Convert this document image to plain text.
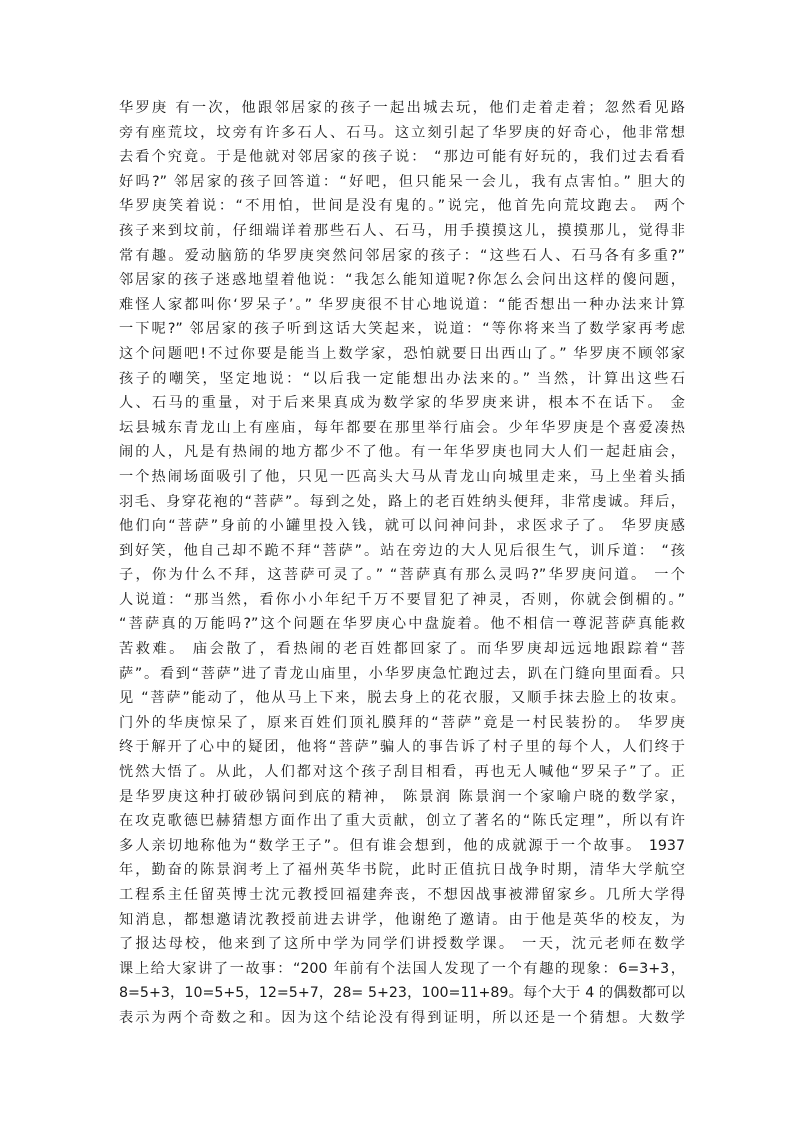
华罗庚 有一次，他跟邻居家的孩子一起出城去玩，他们走着走着；忽然看见路
旁有座荒坟，坟旁有许多石人、石马。这立刻引起了华罗庚的好奇心，他非常想
去看个究竟。于是他就对邻居家的孩子说： “那边可能有好玩的，我们过去看看
好吗?” 邻居家的孩子回答道：“好吧，但只能呆一会儿，我有点害怕。” 胆大的
华罗庚笑着说：“不用怕，世间是没有鬼的。”说完，他首先向荒坟跑去。 两个
孩子来到坟前，仔细端详着那些石人、石马，用手摸摸这儿，摸摸那儿，觉得非
常有趣。爱动脑筋的华罗庚突然问邻居家的孩子：“这些石人、石马各有多重?”
邻居家的孩子迷惑地望着他说：“我怎么能知道呢?你怎么会问出这样的傻问题，
难怪人家都叫你‘罗呆子’。” 华罗庚很不甘心地说道：“能否想出一种办法来计算
一下呢?” 邻居家的孩子听到这话大笑起来，说道：“等你将来当了数学家再考虑
这个问题吧!不过你要是能当上数学家，恐怕就要日出西山了。” 华罗庚不顾邻家
孩子的嘲笑，坚定地说：“以后我一定能想出办法来的。” 当然，计算出这些石
人、石马的重量，对于后来果真成为数学家的华罗庚来讲，根本不在话下。 金
坛县城东青龙山上有座庙，每年都要在那里举行庙会。少年华罗庚是个喜爱凑热
闹的人，凡是有热闹的地方都少不了他。有一年华罗庚也同大人们一起赶庙会，
一个热闹场面吸引了他，只见一匹高头大马从青龙山向城里走来，马上坐着头插
羽毛、身穿花袍的“菩萨”。每到之处，路上的老百姓纳头便拜，非常虔诚。拜后，
他们向“菩萨”身前的小罐里投入钱，就可以问神问卦，求医求子了。 华罗庚感
到好笑，他自己却不跪不拜“菩萨”。站在旁边的大人见后很生气，训斥道： “孩
子，你为什么不拜，这菩萨可灵了。” “菩萨真有那么灵吗?”华罗庚问道。 一个
人说道：“那当然，看你小小年纪千万不要冒犯了神灵，否则，你就会倒楣的。”
“菩萨真的万能吗?”这个问题在华罗庚心中盘旋着。他不相信一尊泥菩萨真能救
苦救难。 庙会散了，看热闹的老百姓都回家了。而华罗庚却远远地跟踪着“菩
萨”。看到“菩萨”进了青龙山庙里，小华罗庚急忙跑过去，趴在门缝向里面看。只
见 “菩萨”能动了，他从马上下来，脱去身上的花衣服，又顺手抹去脸上的妆束。
门外的华庚惊呆了，原来百姓们顶礼膜拜的“菩萨”竟是一村民装扮的。 华罗庚
终于解开了心中的疑团，他将“菩萨”骗人的事告诉了村子里的每个人，人们终于
恍然大悟了。从此，人们都对这个孩子刮目相看，再也无人喊他“罗呆子”了。正
是华罗庚这种打破砂锅问到底的精神， 陈景润 陈景润一个家喻户晓的数学家，
在攻克歌德巴赫猜想方面作出了重大贡献，创立了著名的“陈氏定理”，所以有许
多人亲切地称他为“数学王子”。但有谁会想到，他的成就源于一个故事。 1937
年，勤奋的陈景润考上了福州英华书院，此时正值抗日战争时期，清华大学航空
工程系主任留英博士沈元教授回福建奔丧，不想因战事被滞留家乡。几所大学得
知消息，都想邀请沈教授前进去讲学，他谢绝了邀请。由于他是英华的校友，为
了报达母校，他来到了这所中学为同学们讲授数学课。 一天，沈元老师在数学
课上给大家讲了一故事：“200 年前有个法国人发现了一个有趣的现象：6=3+3，
8=5+3，10=5+5，12=5+7，28= 5+23，100=11+89。每个大于 4 的偶数都可以
表示为两个奇数之和。因为这个结论没有得到证明，所以还是一个猜想。大数学
